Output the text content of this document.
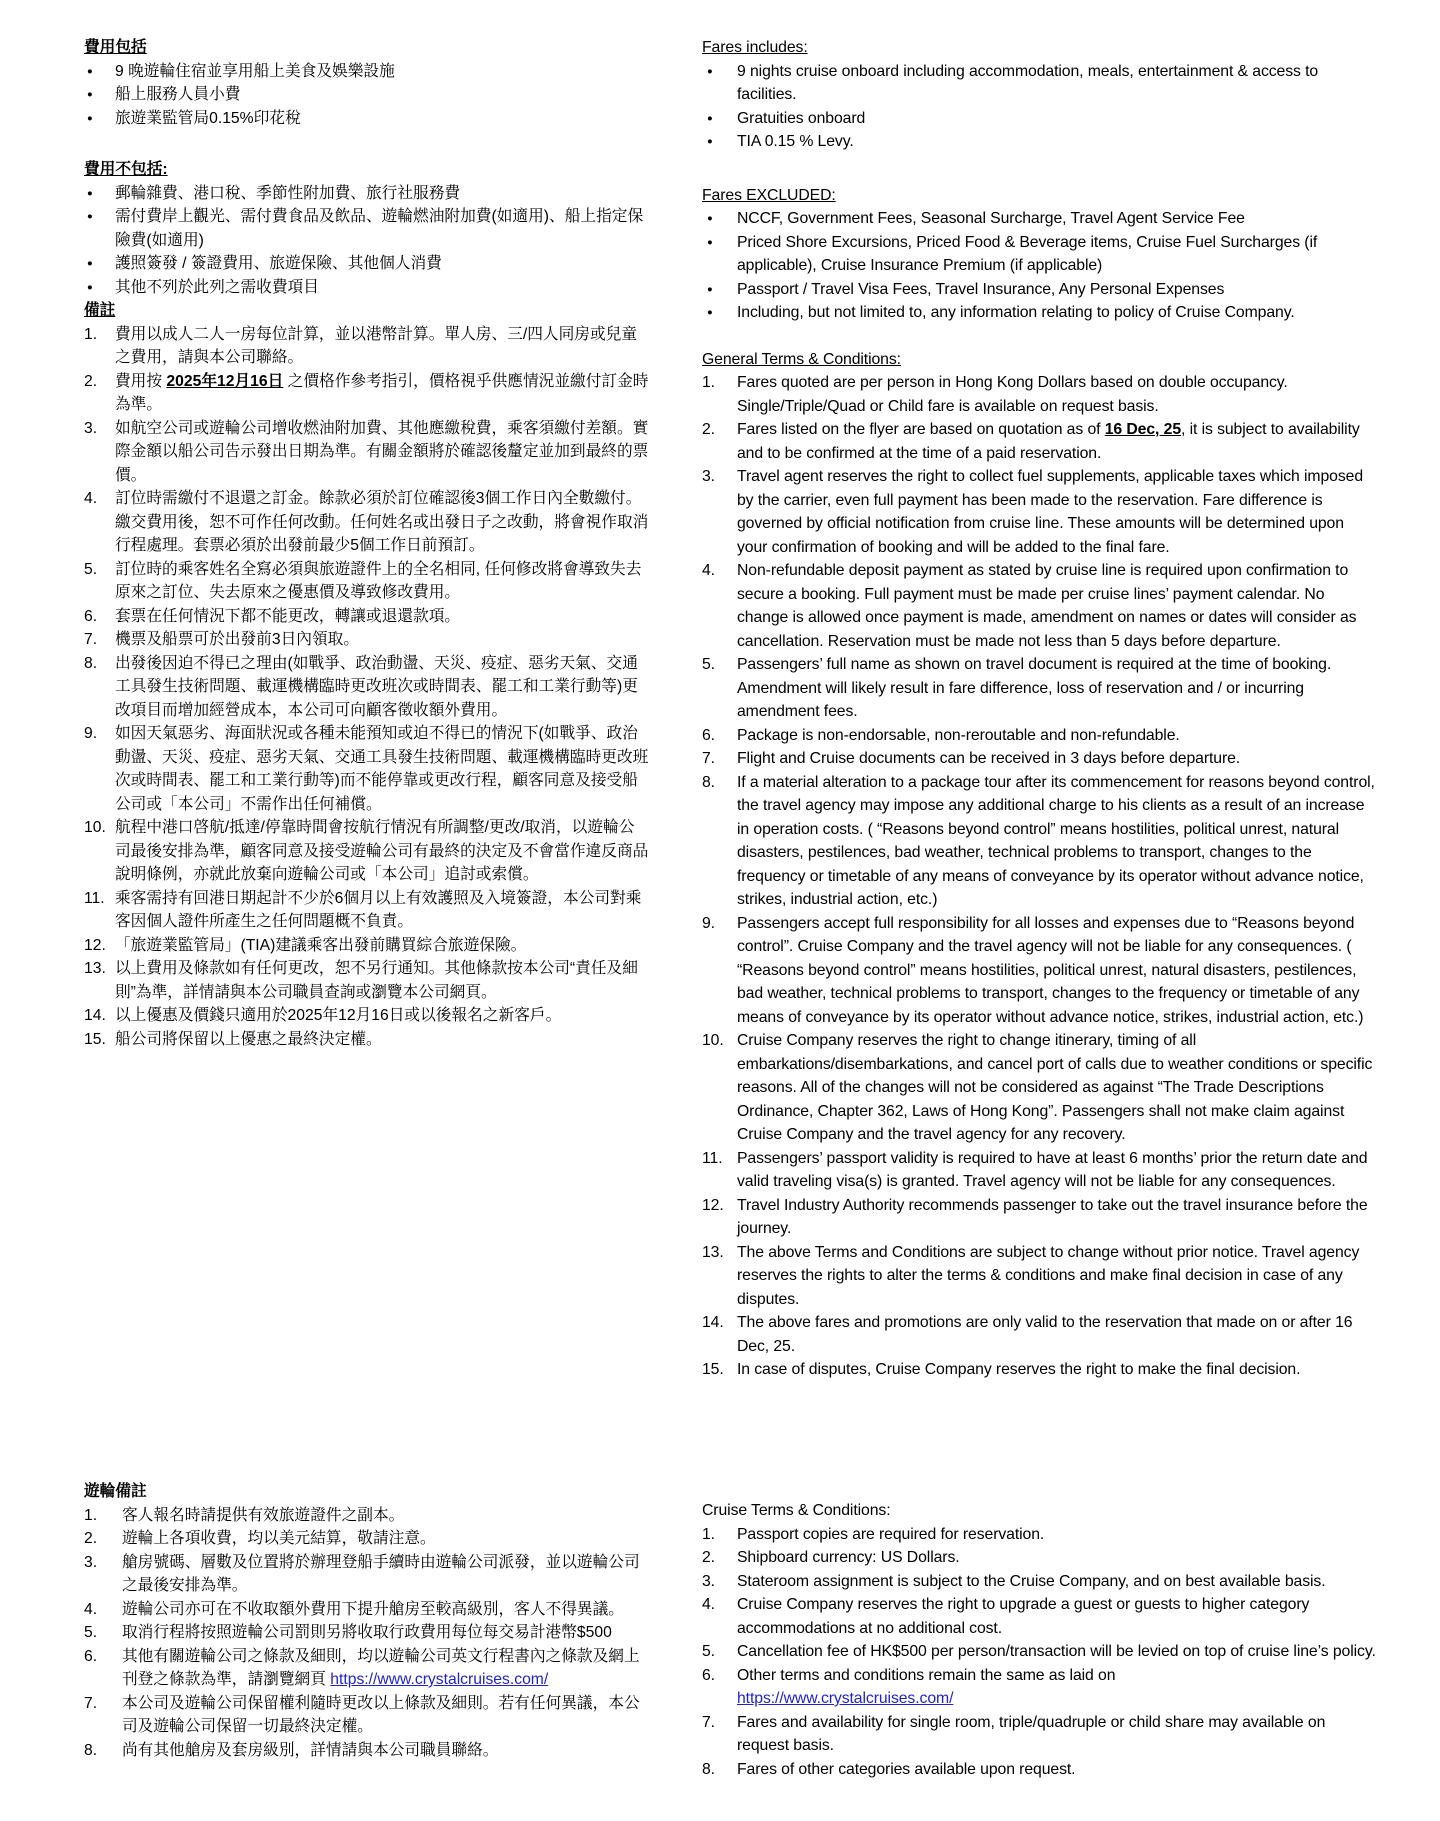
費用包括
●	9 晚遊輪住宿並享用船上美食及娛樂設施
●	船上服務人員小費
●	旅遊業監管局0.15%印花稅
費用不包括:
●	郵輪雜費、港口稅、季節性附加費、旅行社服務費
●	需付費岸上觀光、需付費食品及飲品、遊輪燃油附加費(如適用)、船上指定保險費(如適用)
●	護照簽發 / 簽證費用、旅遊保險、其他個人消費
●	其他不列於此列之需收費項目
備註
1.	費用以成人二人一房每位計算，並以港幣計算。單人房、三/四人同房或兒童之費用，請與本公司聯絡。
2.	費用按 2025年12月16日 之價格作參考指引，價格視乎供應情況並繳付訂金時為準。
3.	如航空公司或遊輪公司增收燃油附加費、其他應繳稅費，乘客須繳付差額。實際金額以船公司告示發出日期為準。有關金額將於確認後釐定並加到最終的票價。
4.	訂位時需繳付不退還之訂金。餘款必須於訂位確認後3個工作日內全數繳付。繳交費用後，恕不可作任何改動。任何姓名或出發日子之改動，將會視作取消行程處理。套票必須於出發前最少5個工作日前預訂。
5.	訂位時的乘客姓名全寫必須與旅遊證件上的全名相同, 任何修改將會導致失去原來之訂位、失去原來之優惠價及導致修改費用。
6.	套票在任何情況下都不能更改，轉讓或退還款項。
7.	機票及船票可於出發前3日內領取。
8.	出發後因迫不得已之理由(如戰爭、政治動盪、天災、疫症、惡劣天氣、交通工具發生技術問題、載運機構臨時更改班次或時間表、罷工和工業行動等)更改項目而增加經營成本，本公司可向顧客徵收額外費用。
9.	如因天氣惡劣、海面狀況或各種未能預知或迫不得已的情況下(如戰爭、政治動盪、天災、疫症、惡劣天氣、交通工具發生技術問題、載運機構臨時更改班次或時間表、罷工和工業行動等)而不能停靠或更改行程，顧客同意及接受船公司或「本公司」不需作出任何補償。
10. 航程中港口啓航/抵達/停靠時間會按航行情況有所調整/更改/取消，以遊輪公司最後安排為準，顧客同意及接受遊輪公司有最終的決定及不會當作違反商品說明條例，亦就此放棄向遊輪公司或「本公司」追討或索償。
11. 乘客需持有回港日期起計不少於6個月以上有效護照及入境簽證，本公司對乘客因個人證件所產生之任何問題概不負責。
12. 「旅遊業監管局」(TIA)建議乘客出發前購買綜合旅遊保險。
13. 以上費用及條款如有任何更改，恕不另行通知。其他條款按本公司“責任及細則”為準，詳情請與本公司職員查詢或瀏覽本公司網頁。
14. 以上優惠及價錢只適用於2025年12月16日或以後報名之新客戶。
15. 船公司將保留以上優惠之最終決定權。
Fares includes:
●	9 nights cruise onboard including accommodation, meals, entertainment & access to facilities.
●	Gratuities onboard
●	TIA 0.15 % Levy.
Fares EXCLUDED:
●	NCCF, Government Fees, Seasonal Surcharge, Travel Agent Service Fee
●	Priced Shore Excursions, Priced Food & Beverage items, Cruise Fuel Surcharges (if applicable), Cruise Insurance Premium (if applicable)
●	Passport / Travel Visa Fees, Travel Insurance, Any Personal Expenses
●	Including, but not limited to, any information relating to policy of Cruise Company.
General Terms & Conditions:
1.	Fares quoted are per person in Hong Kong Dollars based on double occupancy. Single/Triple/Quad or Child fare is available on request basis.
2.	Fares listed on the flyer are based on quotation as of 16 Dec, 25, it is subject to availability and to be confirmed at the time of a paid reservation.
3.	Travel agent reserves the right to collect fuel supplements, applicable taxes which imposed by the carrier, even full payment has been made to the reservation. Fare difference is governed by official notification from cruise line. These amounts will be determined upon your confirmation of booking and will be added to the final fare.
4.	Non-refundable deposit payment as stated by cruise line is required upon confirmation to secure a booking. Full payment must be made per cruise lines’ payment calendar. No change is allowed once payment is made, amendment on names or dates will consider as cancellation. Reservation must be made not less than 5 days before departure.
5.	Passengers’ full name as shown on travel document is required at the time of booking. Amendment will likely result in fare difference, loss of reservation and / or incurring amendment fees.
6.	Package is non-endorsable, non-reroutable and non-refundable.
7.	Flight and Cruise documents can be received in 3 days before departure.
8.	If a material alteration to a package tour after its commencement for reasons beyond control, the travel agency may impose any additional charge to his clients as a result of an increase in operation costs. ( “Reasons beyond control” means hostilities, political unrest, natural disasters, pestilences, bad weather, technical problems to transport, changes to the frequency or timetable of any means of conveyance by its operator without advance notice, strikes, industrial action, etc.)
9.	Passengers accept full responsibility for all losses and expenses due to “Reasons beyond control”. Cruise Company and the travel agency will not be liable for any consequences. ( “Reasons beyond control” means hostilities, political unrest, natural disasters, pestilences, bad weather, technical problems to transport, changes to the frequency or timetable of any means of conveyance by its operator without advance notice, strikes, industrial action, etc.)
10. Cruise Company reserves the right to change itinerary, timing of all embarkations/disembarkations, and cancel port of calls due to weather conditions or specific reasons. All of the changes will not be considered as against “The Trade Descriptions Ordinance, Chapter 362, Laws of Hong Kong”. Passengers shall not make claim against Cruise Company and the travel agency for any recovery.
11. Passengers’ passport validity is required to have at least 6 months’ prior the return date and valid traveling visa(s) is granted. Travel agency will not be liable for any consequences.
12. Travel Industry Authority recommends passenger to take out the travel insurance before the journey.
13. The above Terms and Conditions are subject to change without prior notice. Travel agency reserves the rights to alter the terms & conditions and make final decision in case of any disputes.
14. The above fares and promotions are only valid to the reservation that made on or after 16 Dec, 25.
15. In case of disputes, Cruise Company reserves the right to make the final decision.
遊輪備註
1.	客人報名時請提供有效旅遊證件之副本。
2.	遊輪上各項收費，均以美元結算，敬請注意。
3.	艙房號碼、層數及位置將於辦理登船手續時由遊輪公司派發，並以遊輪公司之最後安排為準。
4.	遊輪公司亦可在不收取額外費用下提升艙房至較高級別，客人不得異議。
5.	取消行程將按照遊輪公司罰則另將收取行政費用每位每交易計港幣$500
6.	其他有關遊輪公司之條款及細則，均以遊輪公司英文行程書內之條款及網上刊登之條款為準，請瀏覽網頁 https://www.crystalcruises.com/
7.	本公司及遊輪公司保留權利隨時更改以上條款及細則。若有任何異議，本公司及遊輪公司保留一切最終決定權。
8.	尚有其他艙房及套房級別，詳情請與本公司職員聯絡。
Cruise Terms & Conditions:
1.	Passport copies are required for reservation.
2.	Shipboard currency: US Dollars.
3.	Stateroom assignment is subject to the Cruise Company, and on best available basis.
4.	Cruise Company reserves the right to upgrade a guest or guests to higher category accommodations at no additional cost.
5.	Cancellation fee of HK$500 per person/transaction will be levied on top of cruise line’s policy.
6.	Other terms and conditions remain the same as laid on
https://www.crystalcruises.com/
7.	Fares and availability for single room, triple/quadruple or child share may available on request basis.
8.	Fares of other categories available upon request.
